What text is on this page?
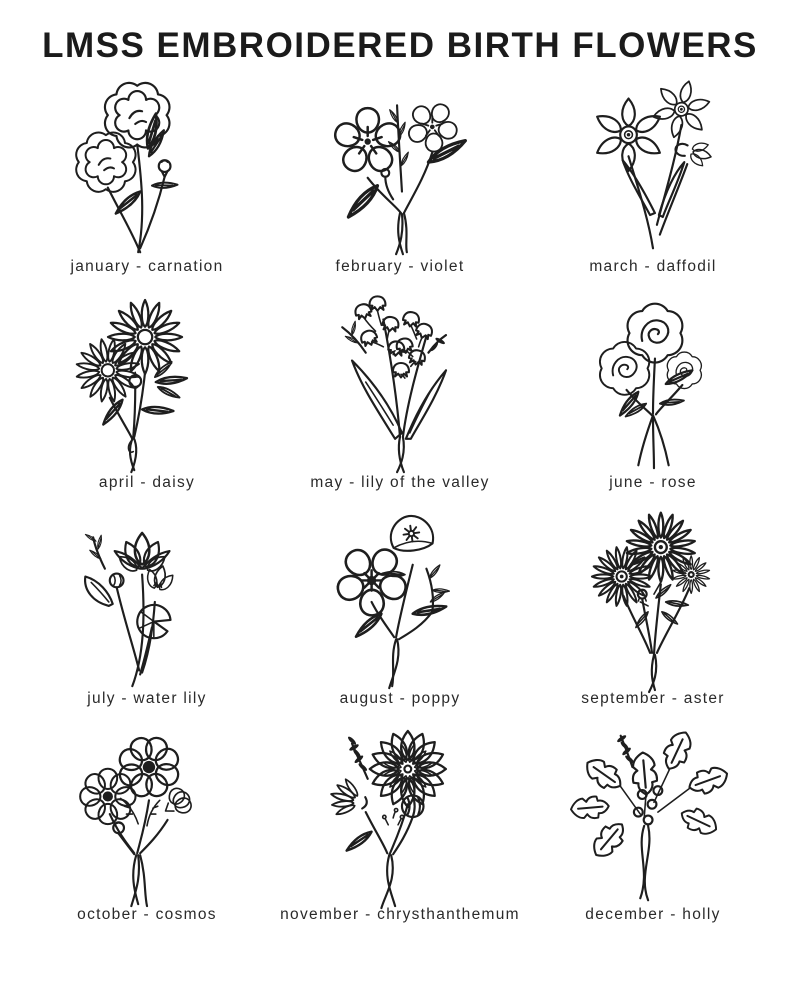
LMSS EMBROIDERED BIRTH FLOWERS
january - carnation	february - violet	march - daffodil
april - daisy	may - lily of the valley	june - rose
july - water lily	august - poppy	september - aster
october - cosmos	november - chrysthanthemum	december - holly
